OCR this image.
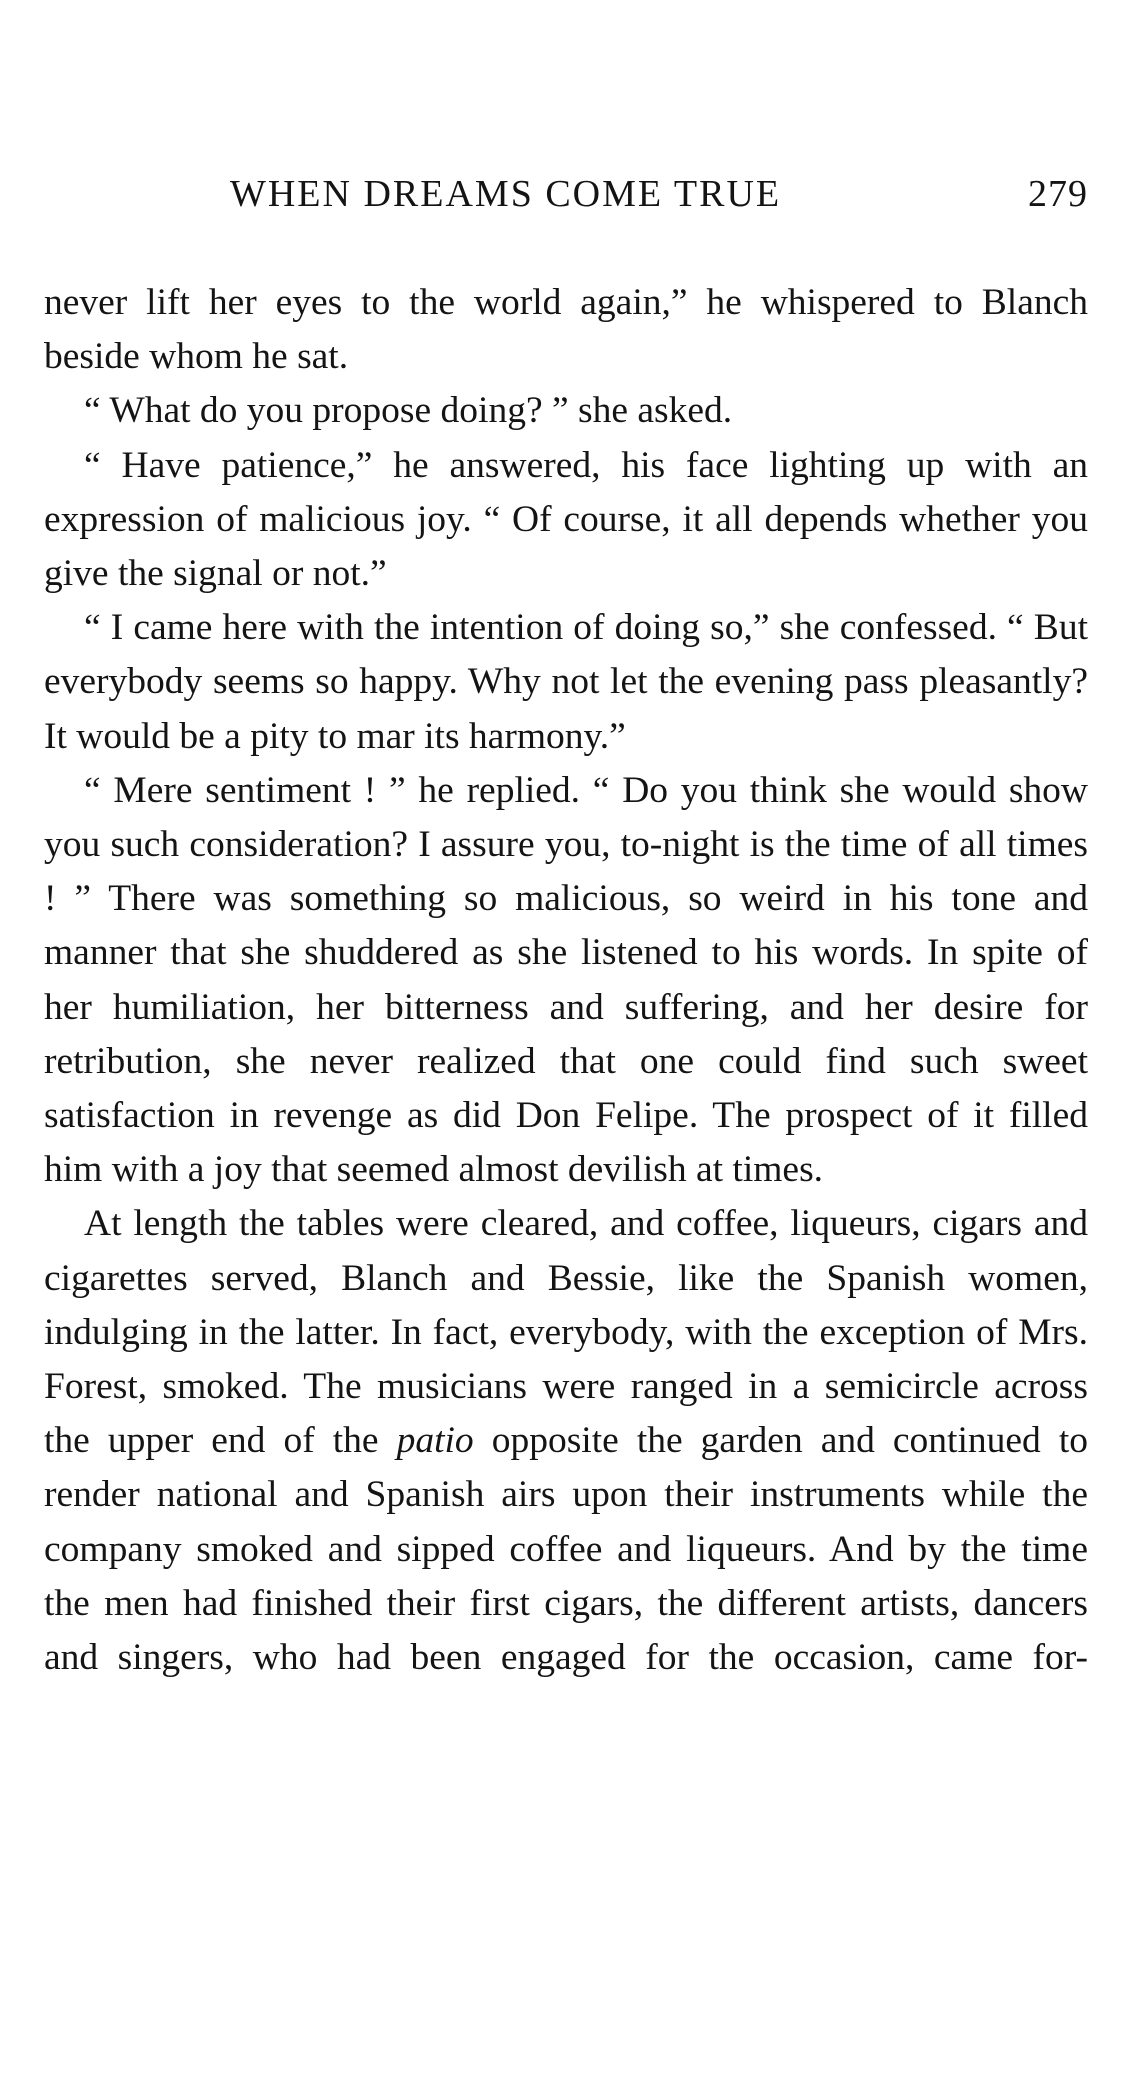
WHEN DREAMS COME TRUE	279

never lift her eyes to the world again,” he whispered to Blanch beside whom he sat.

“ What do you propose doing? ” she asked.

“ Have patience,” he answered, his face lighting up with an expression of malicious joy. “ Of course, it all depends whether you give the signal or not.”

“ I came here with the intention of doing so,” she confessed. “ But everybody seems so happy. Why not let the evening pass pleasantly? It would be a pity to mar its harmony.”

“ Mere sentiment ! ” he replied. “ Do you think she would show you such consideration? I assure you, to-night is the time of all times ! ” There was something so malicious, so weird in his tone and manner that she shuddered as she listened to his words. In spite of her humiliation, her bitterness and suffering, and her desire for retribution, she never realized that one could find such sweet satisfaction in revenge as did Don Felipe. The prospect of it filled him with a joy that seemed almost devilish at times.

At length the tables were cleared, and coffee, liqueurs, cigars and cigarettes served, Blanch and Bessie, like the Spanish women, indulging in the latter. In fact, everybody, with the exception of Mrs. Forest, smoked. The musicians were ranged in a semicircle across the upper end of the patio opposite the garden and continued to render national and Spanish airs upon their instruments while the company smoked and sipped coffee and liqueurs. And by the time the men had finished their first cigars, the different artists, dancers and singers, who had been engaged for the occasion, came for-
